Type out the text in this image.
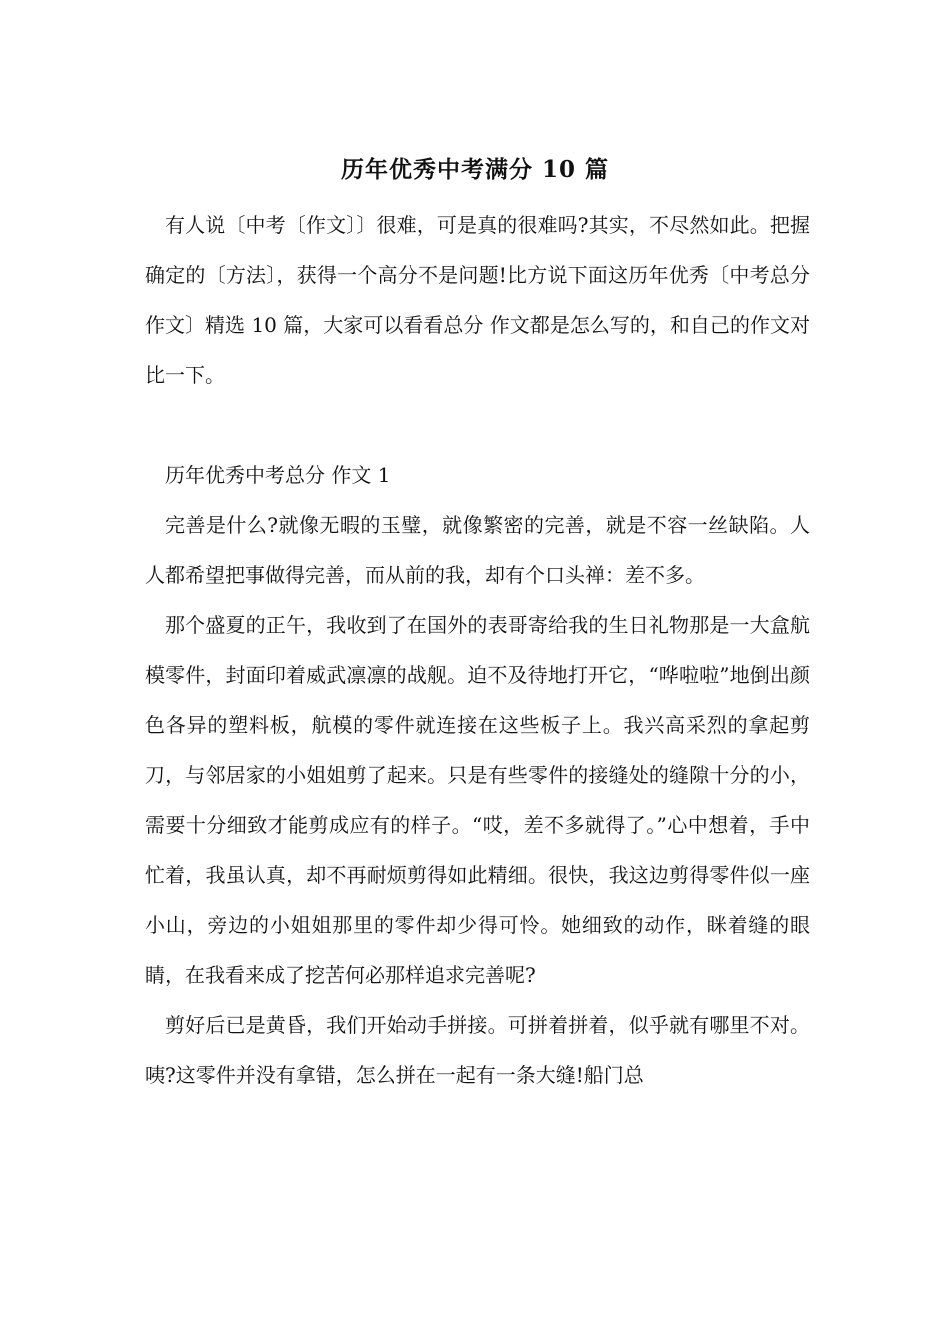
历年优秀中考满分 10 篇

有人说〔中考〔作文〕〕很难，可是真的很难吗?其实，不尽然如此。把握确定的〔方法〕，获得一个高分不是问题!比方说下面这历年优秀〔中考总分 作文〕精选 10 篇，大家可以看看总分 作文都是怎么写的，和自己的作文对比一下。

历年优秀中考总分 作文 1

完善是什么?就像无暇的玉璧，就像繁密的完善，就是不容一丝缺陷。人人都希望把事做得完善，而从前的我，却有个口头禅：差不多。

那个盛夏的正午，我收到了在国外的表哥寄给我的生日礼物那是一大盒航模零件，封面印着威武凛凛的战舰。迫不及待地打开它，“哗啦啦”地倒出颜色各异的塑料板，航模的零件就连接在这些板子上。我兴高采烈的拿起剪刀，与邻居家的小姐姐剪了起来。只是有些零件的接缝处的缝隙十分的小，需要十分细致才能剪成应有的样子。“哎，差不多就得了。”心中想着，手中忙着，我虽认真，却不再耐烦剪得如此精细。很快，我这边剪得零件似一座小山，旁边的小姐姐那里的零件却少得可怜。她细致的动作，眯着缝的眼睛，在我看来成了挖苦何必那样追求完善呢?

剪好后已是黄昏，我们开始动手拼接。可拼着拼着，似乎就有哪里不对。咦?这零件并没有拿错，怎么拼在一起有一条大缝!船门总
